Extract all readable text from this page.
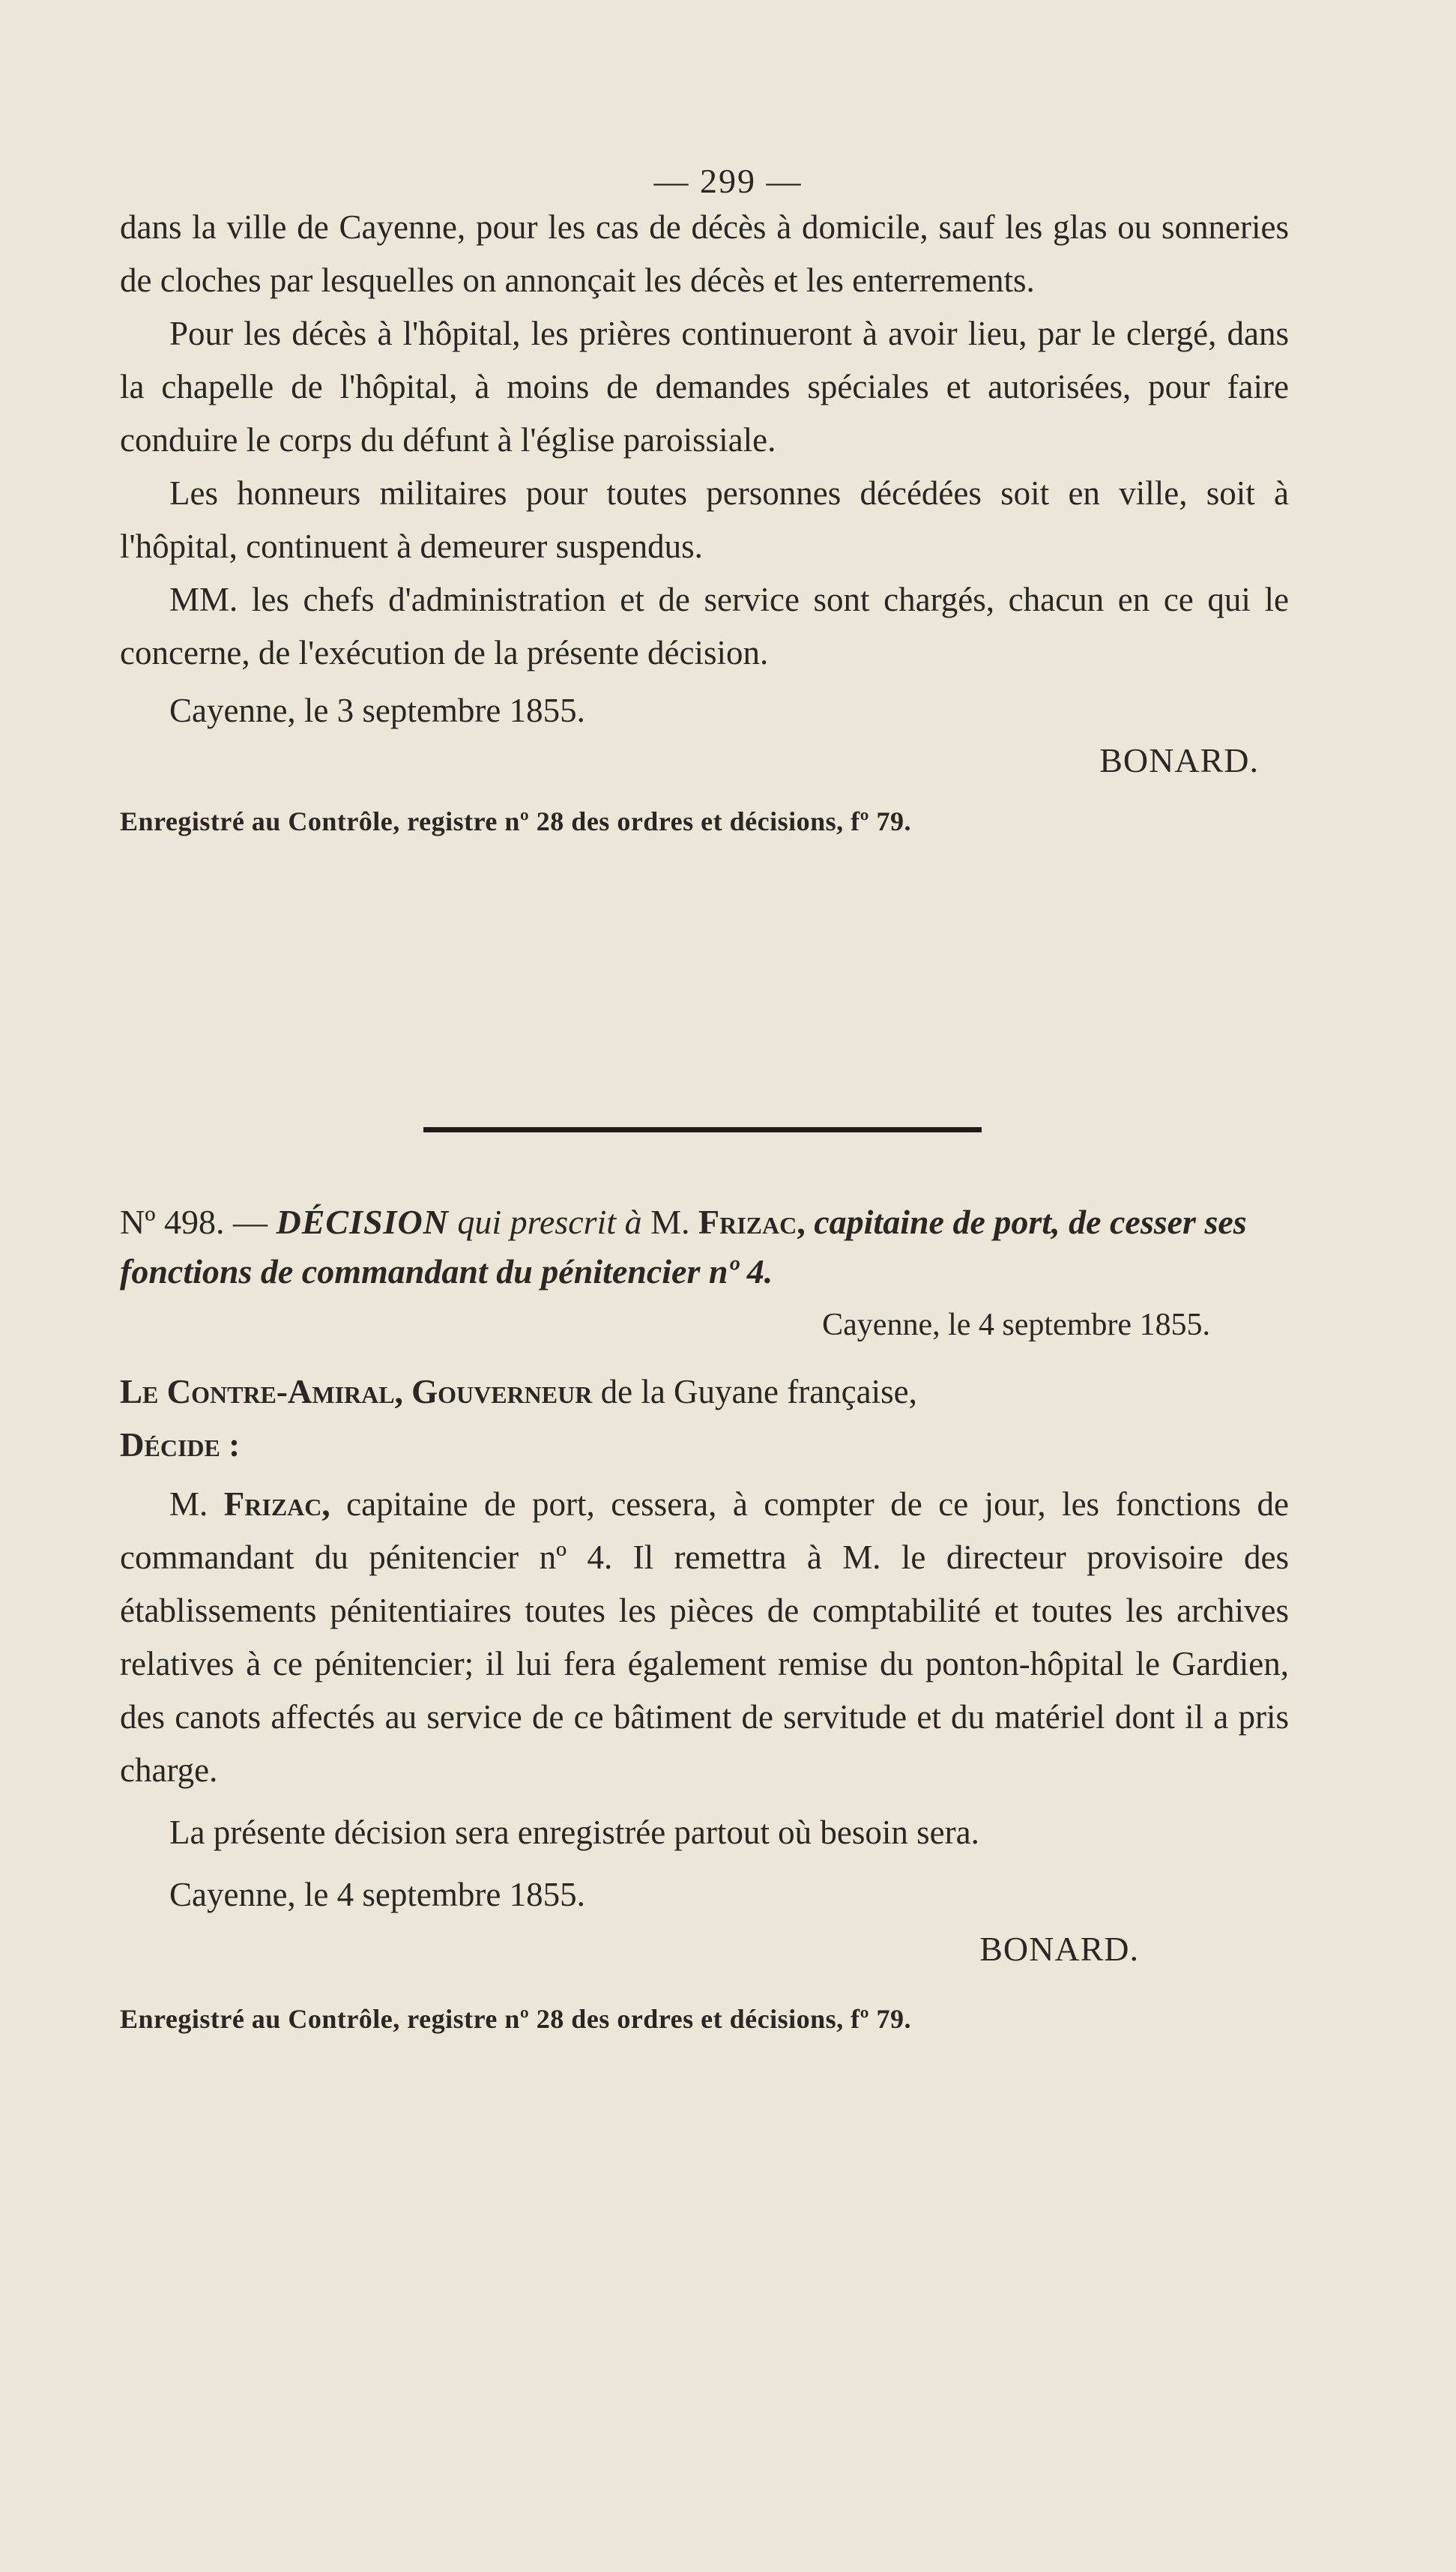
— 299 —

dans la ville de Cayenne, pour les cas de décès à domicile, sauf les glas ou sonneries de cloches par lesquelles on annonçait les décès et les enterrements.

Pour les décès à l'hôpital, les prières continueront à avoir lieu, par le clergé, dans la chapelle de l'hôpital, à moins de demandes spéciales et autorisées, pour faire conduire le corps du défunt à l'église paroissiale.

Les honneurs militaires pour toutes personnes décédées soit en ville, soit à l'hôpital, continuent à demeurer suspendus.

MM. les chefs d'administration et de service sont chargés, chacun en ce qui le concerne, de l'exécution de la présente décision.

Cayenne, le 3 septembre 1855.

BONARD.

Enregistré au Contrôle, registre nº 28 des ordres et décisions, fº 79.

Nº 498. — DÉCISION qui prescrit à M. Frizac, capitaine de port, de cesser ses fonctions de commandant du pénitencier nº 4.

Cayenne, le 4 septembre 1855.

Le Contre-Amiral, Gouverneur de la Guyane française,

Décide :

M. Frizac, capitaine de port, cessera, à compter de ce jour, les fonctions de commandant du pénitencier nº 4. Il remettra à M. le directeur provisoire des établissements pénitentiaires toutes les pièces de comptabilité et toutes les archives relatives à ce pénitencier; il lui fera également remise du ponton-hôpital le Gardien, des canots affectés au service de ce bâtiment de servitude et du matériel dont il a pris charge.

La présente décision sera enregistrée partout où besoin sera.

Cayenne, le 4 septembre 1855.

BONARD.

Enregistré au Contrôle, registre nº 28 des ordres et décisions, fº 79.
